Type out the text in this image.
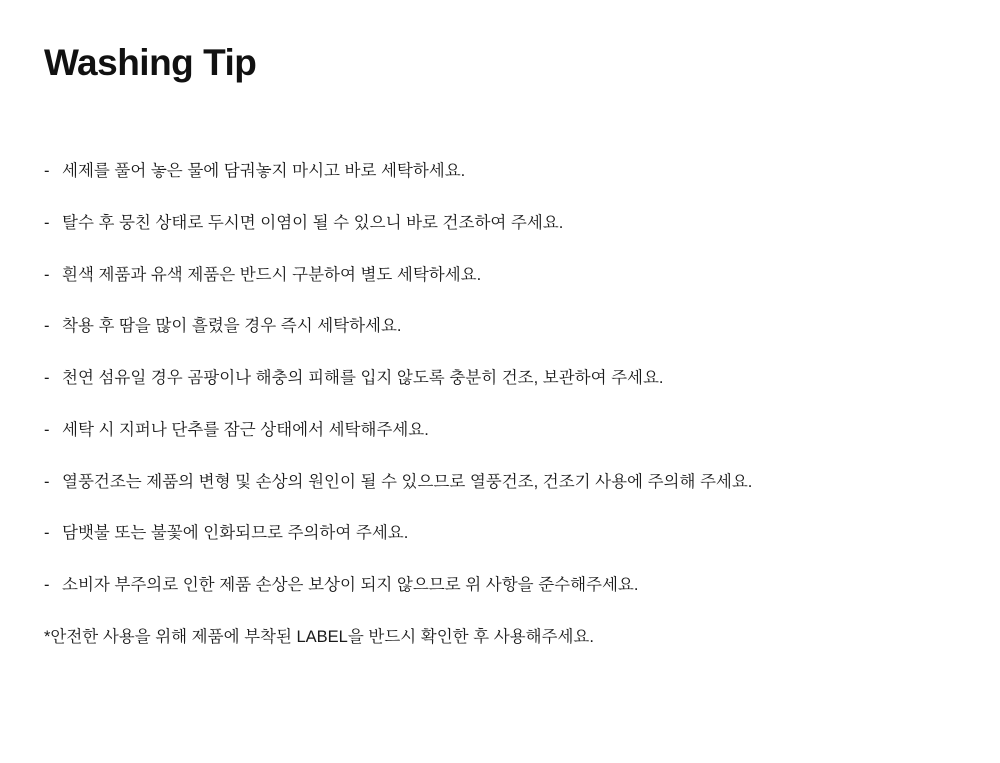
Washing Tip
- 세제를 풀어 놓은 물에 담궈놓지 마시고 바로 세탁하세요.
- 탈수 후 뭉친 상태로 두시면 이염이 될 수 있으니 바로 건조하여 주세요.
- 흰색 제품과 유색 제품은 반드시 구분하여 별도 세탁하세요.
- 착용 후 땀을 많이 흘렸을 경우 즉시 세탁하세요.
- 천연 섬유일 경우 곰팡이나 해충의 피해를 입지 않도록 충분히 건조, 보관하여 주세요.
- 세탁 시 지퍼나 단추를 잠근 상태에서 세탁해주세요.
- 열풍건조는 제품의 변형 및 손상의 원인이 될 수 있으므로 열풍건조, 건조기 사용에 주의해 주세요.
- 담뱃불 또는 불꽃에 인화되므로 주의하여 주세요.
- 소비자 부주의로 인한 제품 손상은 보상이 되지 않으므로 위 사항을 준수해주세요.

*안전한 사용을 위해 제품에 부착된 LABEL을 반드시 확인한 후 사용해주세요.
